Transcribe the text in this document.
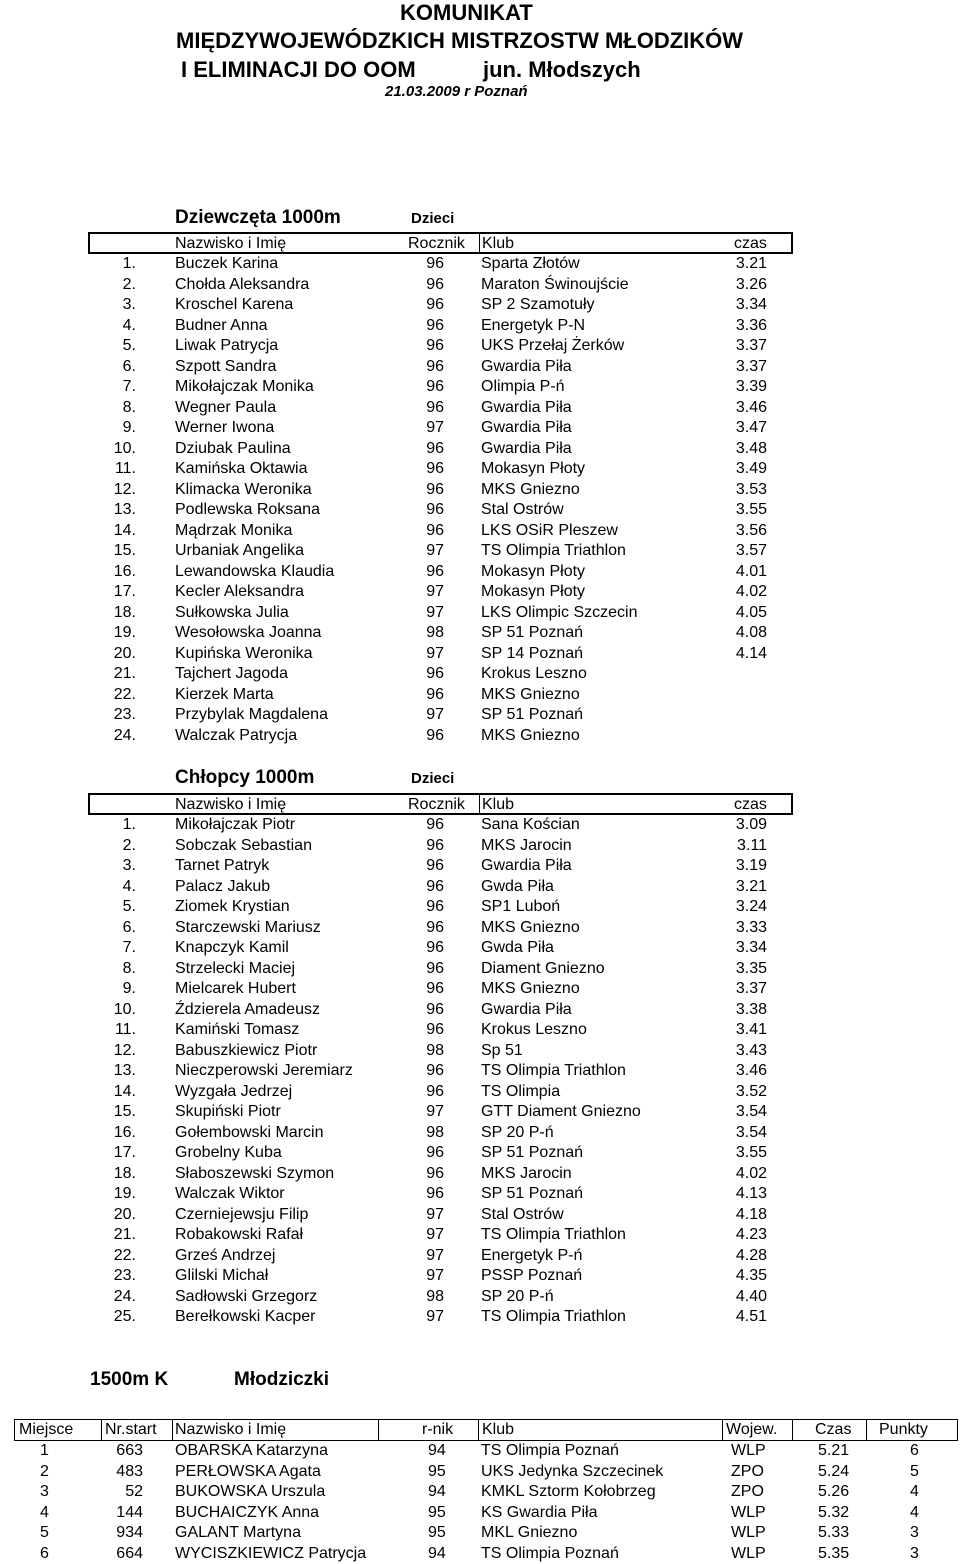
KOMUNIKAT
MIĘDZYWOJEWÓDZKICH MISTRZOSTW MŁODZIKÓW
I ELIMINACJI DO OOM	jun. Młodszych
21.03.2009 r Poznań
Dziewczęta 1000m	Dzieci
Nazwisko i Imię	Rocznik Klub	czas
1. Buczek Karina	96 Sparta Złotów	3.21
2. Chołda Aleksandra	96 Maraton Świnoujście	3.26
3. Kroschel Karena	96 SP 2 Szamotuły	3.34
4. Budner Anna	96 Energetyk P-N	3.36
5. Liwak Patrycja	96 UKS Przełaj Żerków	3.37
6. Szpott Sandra	96 Gwardia Piła	3.37
7. Mikołajczak Monika	96 Olimpia P-ń	3.39
8. Wegner Paula	96 Gwardia Piła	3.46
9. Werner Iwona	97 Gwardia Piła	3.47
10. Dziubak Paulina	96 Gwardia Piła	3.48
11. Kamińska Oktawia	96 Mokasyn Płoty	3.49
12. Klimacka Weronika	96 MKS Gniezno	3.53
13. Podlewska Roksana	96 Stal Ostrów	3.55
14. Mądrzak Monika	96 LKS OSiR Pleszew	3.56
15. Urbaniak Angelika	97 TS Olimpia Triathlon	3.57
16. Lewandowska Klaudia	96 Mokasyn Płoty	4.01
17. Kecler Aleksandra	97 Mokasyn Płoty	4.02
18. Sułkowska Julia	97 LKS Olimpic Szczecin	4.05
19. Wesołowska Joanna	98 SP 51 Poznań	4.08
20. Kupińska Weronika	97 SP 14 Poznań	4.14
21. Tajchert Jagoda	96 Krokus Leszno
22. Kierzek Marta	96 MKS Gniezno
23. Przybylak Magdalena	97 SP 51 Poznań
24. Walczak Patrycja	96 MKS Gniezno
Chłopcy 1000m	Dzieci
Nazwisko i Imię	Rocznik Klub	czas
1. Mikołajczak Piotr	96 Sana Kościan	3.09
2. Sobczak Sebastian	96 MKS Jarocin	3.11
3. Tarnet Patryk	96 Gwardia Piła	3.19
4. Palacz Jakub	96 Gwda Piła	3.21
5. Ziomek Krystian	96 SP1 Luboń	3.24
6. Starczewski Mariusz	96 MKS Gniezno	3.33
7. Knapczyk Kamil	96 Gwda Piła	3.34
8. Strzelecki Maciej	96 Diament Gniezno	3.35
9. Mielcarek Hubert	96 MKS Gniezno	3.37
10. Ździerela Amadeusz	96 Gwardia Piła	3.38
11. Kamiński Tomasz	96 Krokus Leszno	3.41
12. Babuszkiewicz Piotr	98 Sp 51	3.43
13. Nieczperowski Jeremiarz	96 TS Olimpia Triathlon	3.46
14. Wyzgała Jedrzej	96 TS Olimpia	3.52
15. Skupiński Piotr	97 GTT Diament Gniezno	3.54
16. Gołembowski Marcin	98 SP 20 P-ń	3.54
17. Grobelny Kuba	96 SP 51 Poznań	3.55
18. Słaboszewski Szymon	96 MKS Jarocin	4.02
19. Walczak Wiktor	96 SP 51 Poznań	4.13
20. Czerniejewsju Filip	97 Stal Ostrów	4.18
21. Robakowski Rafał	97 TS Olimpia Triathlon	4.23
22. Grześ Andrzej	97 Energetyk P-ń	4.28
23. Glilski Michał	97 PSSP Poznań	4.35
24. Sadłowski Grzegorz	98 SP 20 P-ń	4.40
25. Berełkowski Kacper	97 TS Olimpia Triathlon	4.51
1500m K	Młodziczki
Miejsce Nr.start Nazwisko i Imię	r-nik Klub	Wojew. Czas Punkty
1	663 OBARSKA Katarzyna	94 TS Olimpia Poznań	WLP	5.21	6
2	483 PERŁOWSKA Agata	95 UKS Jedynka Szczecinek	ZPO	5.24	5
3	52 BUKOWSKA Urszula	94 KMKL Sztorm Kołobrzeg	ZPO	5.26	4
4	144 BUCHAICZYK Anna	95 KS Gwardia Piła	WLP	5.32	4
5	934 GALANT Martyna	95 MKL Gniezno	WLP	5.33	3
6	664 WYCISZKIEWICZ Patrycja	94 TS Olimpia Poznań	WLP	5.35	3
